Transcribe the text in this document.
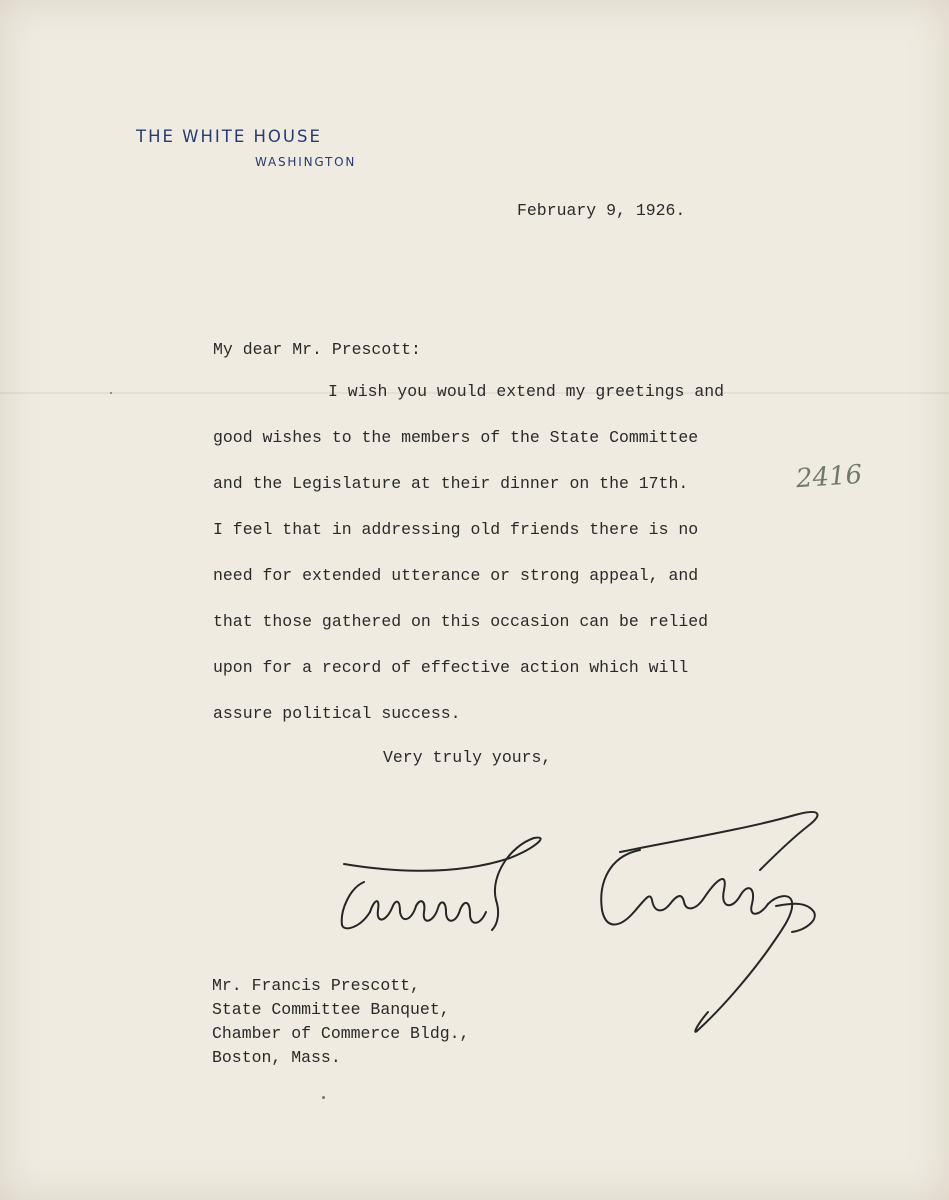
THE WHITE HOUSE
WASHINGTON
February 9, 1926.
My dear Mr. Prescott:
I wish you would extend my greetings and
good wishes to the members of the State Committee
and the Legislature at their dinner on the 17th.
I feel that in addressing old friends there is no
need for extended utterance or strong appeal, and
that those gathered on this occasion can be relied
upon for a record of effective action which will
assure political success.
2416
Very truly yours,
Mr. Francis Prescott,
State Committee Banquet,
Chamber of Commerce Bldg.,
Boston, Mass.
